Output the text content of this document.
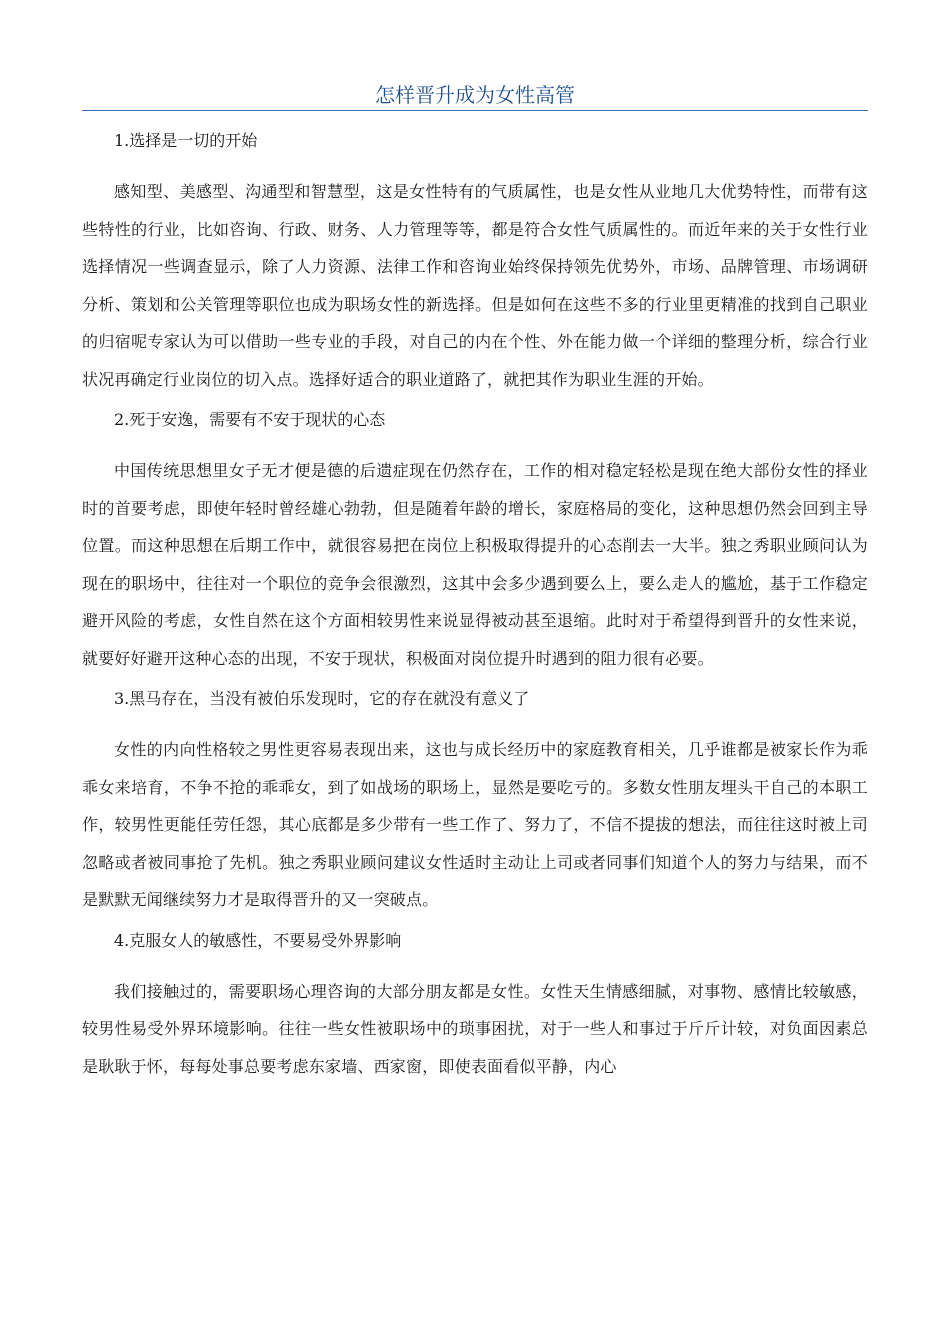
怎样晋升成为女性高管
1.选择是一切的开始

感知型、美感型、沟通型和智慧型，这是女性特有的气质属性，也是女性从业地几大优势特性，而带有这些特性的行业，比如咨询、行政、财务、人力管理等等，都是符合女性气质属性的。而近年来的关于女性行业选择情况一些调查显示，除了人力资源、法律工作和咨询业始终保持领先优势外，市场、品牌管理、市场调研分析、策划和公关管理等职位也成为职场女性的新选择。但是如何在这些不多的行业里更精准的找到自己职业的归宿呢专家认为可以借助一些专业的手段，对自己的内在个性、外在能力做一个详细的整理分析，综合行业状况再确定行业岗位的切入点。选择好适合的职业道路了，就把其作为职业生涯的开始。

2.死于安逸，需要有不安于现状的心态

中国传统思想里女子无才便是德的后遗症现在仍然存在，工作的相对稳定轻松是现在绝大部份女性的择业时的首要考虑，即使年轻时曾经雄心勃勃，但是随着年龄的增长，家庭格局的变化，这种思想仍然会回到主导位置。而这种思想在后期工作中，就很容易把在岗位上积极取得提升的心态削去一大半。独之秀职业顾问认为现在的职场中，往往对一个职位的竞争会很激烈，这其中会多少遇到要么上，要么走人的尴尬，基于工作稳定避开风险的考虑，女性自然在这个方面相较男性来说显得被动甚至退缩。此时对于希望得到晋升的女性来说，就要好好避开这种心态的出现，不安于现状，积极面对岗位提升时遇到的阻力很有必要。

3.黑马存在，当没有被伯乐发现时，它的存在就没有意义了

女性的内向性格较之男性更容易表现出来，这也与成长经历中的家庭教育相关，几乎谁都是被家长作为乖乖女来培育，不争不抢的乖乖女，到了如战场的职场上，显然是要吃亏的。多数女性朋友埋头干自己的本职工作，较男性更能任劳任怨，其心底都是多少带有一些工作了、努力了，不信不提拔的想法，而往往这时被上司忽略或者被同事抢了先机。独之秀职业顾问建议女性适时主动让上司或者同事们知道个人的努力与结果，而不是默默无闻继续努力才是取得晋升的又一突破点。

4.克服女人的敏感性，不要易受外界影响

我们接触过的，需要职场心理咨询的大部分朋友都是女性。女性天生情感细腻，对事物、感情比较敏感，较男性易受外界环境影响。往往一些女性被职场中的琐事困扰，对于一些人和事过于斤斤计较，对负面因素总是耿耿于怀，每每处事总要考虑东家墙、西家窗，即使表面看似平静，内心
